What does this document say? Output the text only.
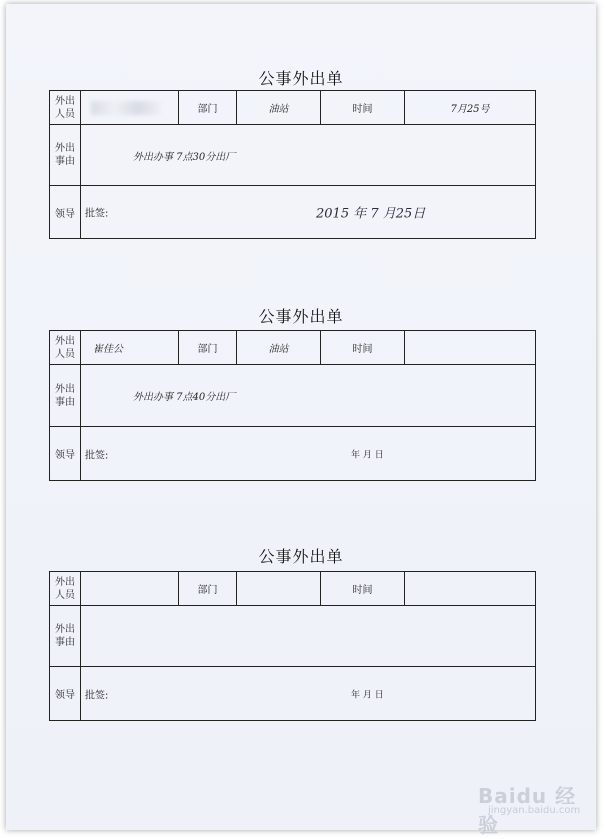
公事外出单
外出
人员		部门	油站	时间	7月25号
外出
事由	外出办事 7点30分出厂				
领导	批签: 2015 年 7 月25日				
公事外出单
外出
人员	崔佳公	部门	油站	时间	
外出
事由	外出办事 7点40分出厂				
领导	批签: 年 月 日				
公事外出单
外出
人员		部门		时间	
外出
事由					
领导	批签: 年 月 日				
Baidu 经验
jingyan.baidu.com
